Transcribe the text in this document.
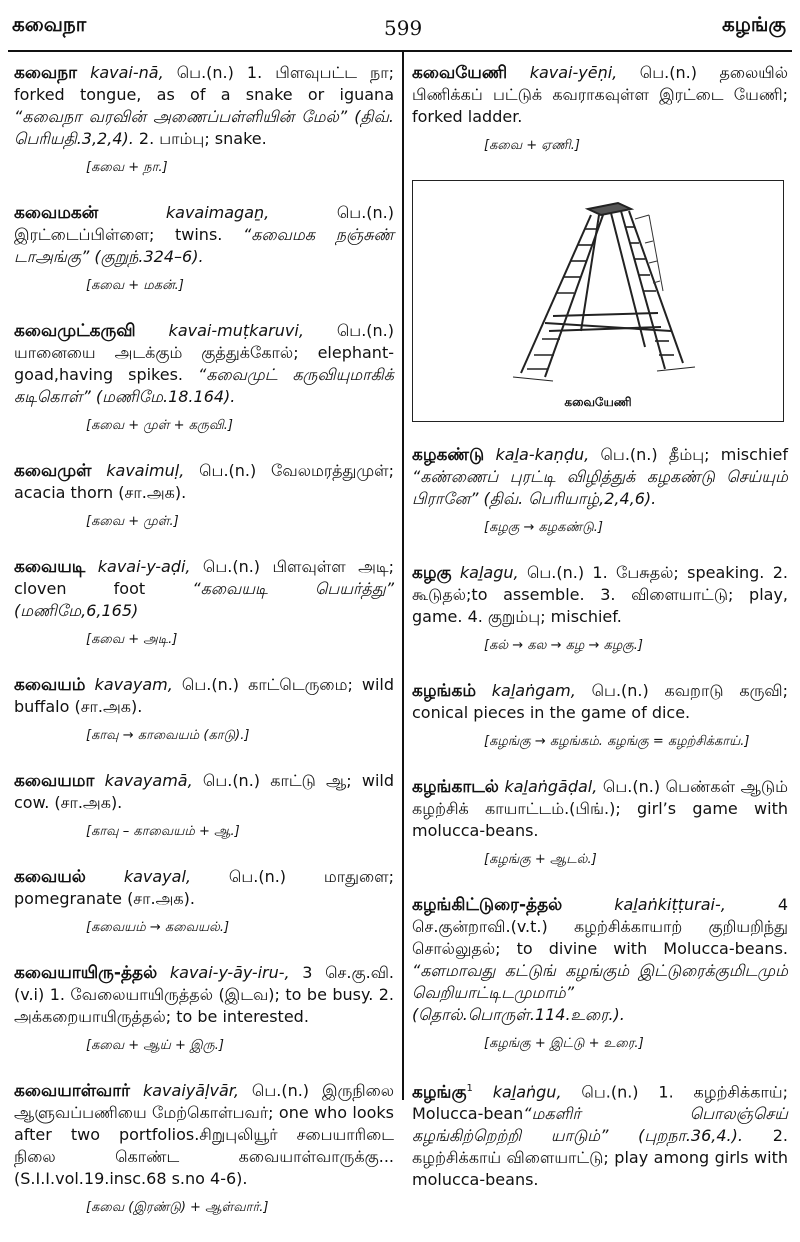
கவைநா	599	கழங்கு

கவைநா kavai-nā, பெ.(n.) 1. பிளவுபட்ட நா; forked tongue, as of a snake or iguana “கவைநா வரவின் அணைப்பள்ளியின் மேல்” (திவ். பெரியதி.3,2,4). 2. பாம்பு; snake.

[கவை + நா.]

கவைமகன்	kavaimagaṉ, பெ.(n.) இரட்டைப்பிள்ளை; twins. “கவைமக நஞ்சுண் டாஅங்கு” (குறுந்.324–6).

[கவை + மகன்.]

கவைமுட்கருவி kavai-muṭkaruvi, பெ.(n.) யானையை அடக்கும் குத்துக்கோல்; elephant-goad,having spikes. “கவைமுட் கருவியுமாகிக் கடிகொள்” (மணிமே.18.164).

[கவை + முள் + கருவி.]

கவைமுள் kavaimuḷ, பெ.(n.) வேலமரத்துமுள்; acacia thorn (சா.அக).

[கவை + முள்.]

கவையடி kavai-y-aḍi, பெ.(n.) பிளவுள்ள அடி; cloven foot “கவையடி பெயர்த்து” (மணிமே,6,165)

[கவை + அடி.]

கவையம் kavayam, பெ.(n.) காட்டெருமை; wild buffalo (சா.அக).

[காவு → காவையம் (காடு).]

கவையமா kavayamā, பெ.(n.) காட்டு ஆ; wild cow. (சா.அக).

[காவு – காவையம் + ஆ.]

கவையல் kavayal, பெ.(n.) மாதுளை; pomegranate (சா.அக).

[கவையம் → கவையல்.]

கவையாயிரு-த்தல் kavai-y-āy-iru-, 3 செ.கு.வி.(v.i) 1. வேலையாயிருத்தல் (இடவ); to be busy. 2. அக்கறையாயிருத்தல்; to be interested.

[கவை + ஆய் + இரு.]

கவையாள்வார் kavaiyāḷvār, பெ.(n.) இருநிலை ஆளுவப்பணியை மேற்கொள்பவர்; one who looks after two portfolios.சிறுபுலியூர் சபையாரிடை நிலை கொண்ட கவையாள்வாருக்கு... (S.I.I.vol.19.insc.68 s.no 4-6).

[கவை (இரண்டு) + ஆள்வார்.]

கவையேணி kavai-yēṇi, பெ.(n.) தலையில் பிணிக்கப் பட்டுக் கவராகவுள்ள இரட்டை யேணி; forked ladder.

[கவை + ஏணி.]
கவையேணி

கழகண்டு kaḻa-kaṇḍu, பெ.(n.) தீம்பு; mischief “கண்ணைப் புரட்டி விழித்துக் கழகண்டு செய்யும் பிரானே” (திவ். பெரியாழ்,2,4,6).

[கழகு → கழகண்டு.]

கழகு kaḻagu, பெ.(n.) 1. பேசுதல்; speaking. 2. கூடுதல்;to assemble. 3. விளையாட்டு; play, game. 4. குறும்பு; mischief.

[கல் → கல → கழ → கழகு.]

கழங்கம் kaḻaṅgam, பெ.(n.) கவறாடு கருவி; conical pieces in the game of dice.

[கழங்கு → கழங்கம். கழங்கு = கழற்சிக்காய்.]

கழங்காடல் kaḻaṅgāḍal, பெ.(n.) பெண்கள் ஆடும் கழற்சிக் காயாட்டம்.(பிங்.); girl’s game with molucca-beans.

[கழங்கு + ஆடல்.]

கழங்கிட்டுரை-த்தல்	kaḻaṅkiṭṭurai-, 4 செ.குன்றாவி.(v.t.) கழற்சிக்காயாற் குறியறிந்து சொல்லுதல்; to divine with Molucca-beans. “களமாவது கட்டுங் கழங்கும் இட்டுரைக்குமிடமும் வெறியாட்டிடமுமாம்” (தொல்.பொருள்.114.உரை.).

[கழங்கு + இட்டு + உரை.]

கழங்கு$^1$ kaḻaṅgu, பெ.(n.) 1. கழற்சிக்காய்; Molucca-bean“மகளிர் பொலஞ்செய் கழங்கிற்றெற்றி யாடும்” (புறநா.36,4.). 2. கழற்சிக்காய் விளையாட்டு; play among girls with molucca-beans.
